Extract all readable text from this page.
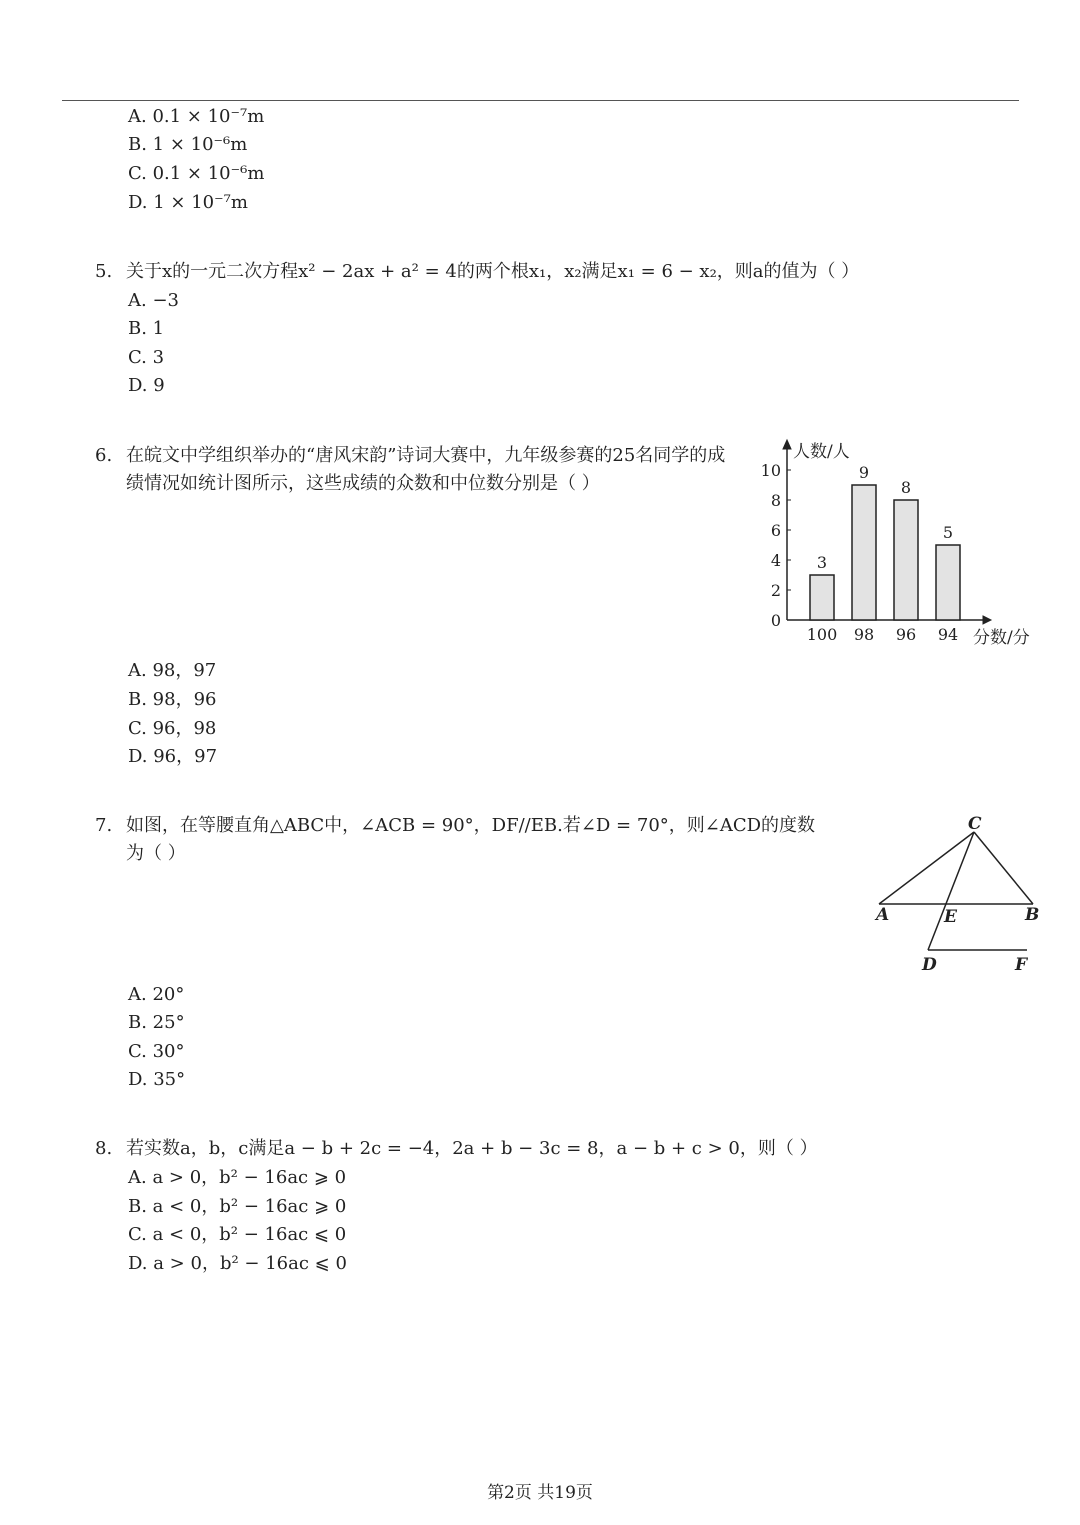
A. 0.1 × 10⁻⁷m
B. 1 × 10⁻⁶m
C. 0.1 × 10⁻⁶m
D. 1 × 10⁻⁷m
5. 关于x的一元二次方程x² − 2ax + a² = 4的两个根x₁，x₂满足x₁ = 6 − x₂，则a的值为（ ）
A. −3
B. 1
C. 3
D. 9
6. 在皖文中学组织举办的“唐风宋韵”诗词大赛中，九年级参赛的25名同学的成
绩情况如统计图所示，这些成绩的众数和中位数分别是（ ）
0
2
4
6
8
10
3
100
9
98
8
96
5
94
人数/人
分数/分
A. 98，97
B. 98，96
C. 96，98
D. 96，97
7. 如图，在等腰直角△ABC中，∠ACB = 90°，DF//EB.若∠D = 70°，则∠ACD的度数
为（ ）
C
A	E	B
D	F
A. 20°
B. 25°
C. 30°
D. 35°
8. 若实数a，b，c满足a − b + 2c = −4，2a + b − 3c = 8，a − b + c > 0，则（ ）
A. a > 0，b² − 16ac ⩾ 0
B. a < 0，b² − 16ac ⩾ 0
C. a < 0，b² − 16ac ⩽ 0
D. a > 0，b² − 16ac ⩽ 0
第2页 共19页
